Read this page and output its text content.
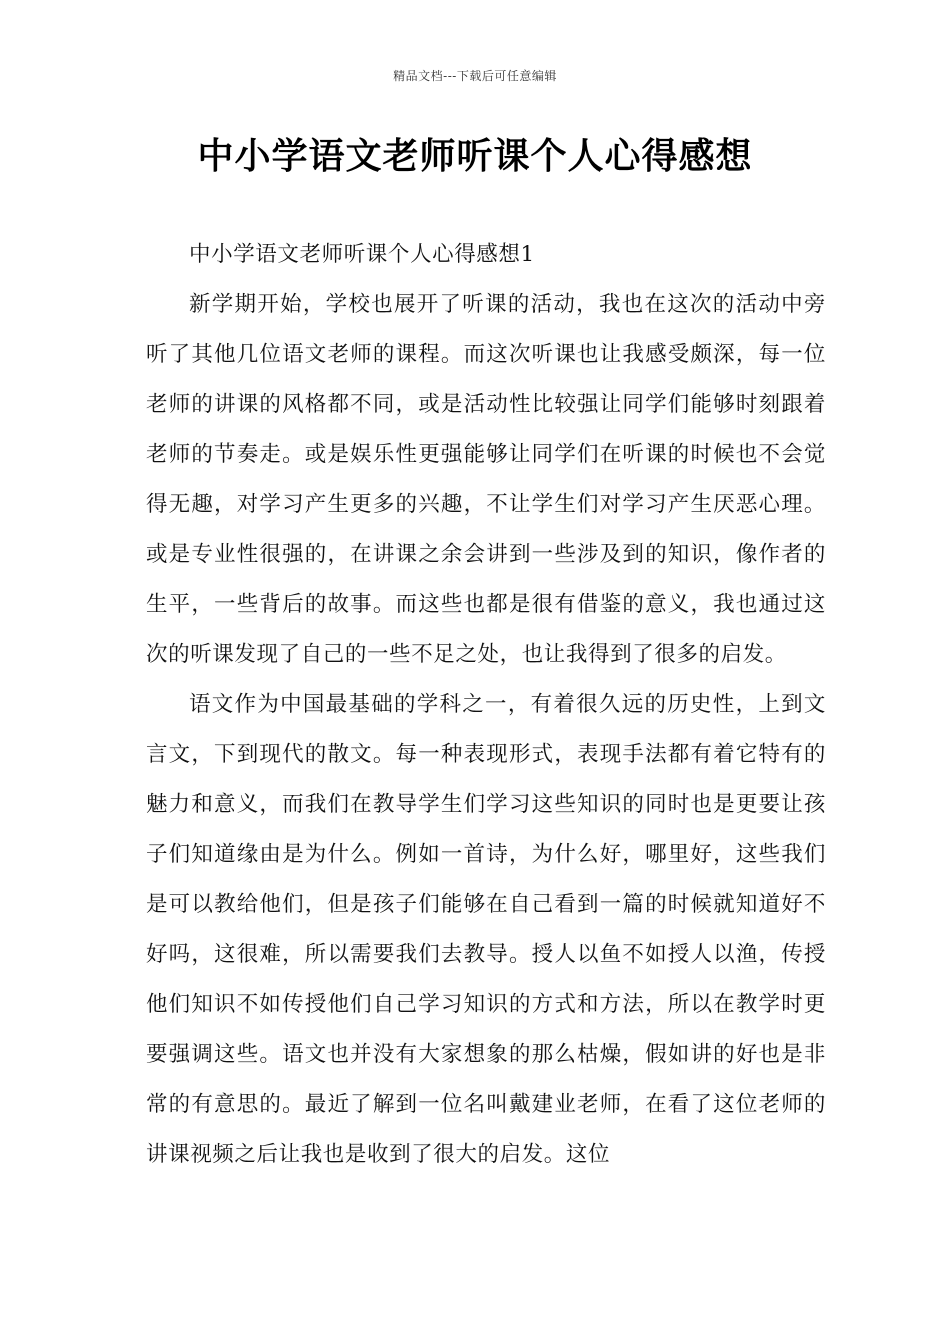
精品文档---下载后可任意编辑
中小学语文老师听课个人心得感想

中小学语文老师听课个人心得感想1

新学期开始，学校也展开了听课的活动，我也在这次的活动中旁听了其他几位语文老师的课程。而这次听课也让我感受颇深，每一位老师的讲课的风格都不同，或是活动性比较强让同学们能够时刻跟着老师的节奏走。或是娱乐性更强能够让同学们在听课的时候也不会觉得无趣，对学习产生更多的兴趣，不让学生们对学习产生厌恶心理。或是专业性很强的，在讲课之余会讲到一些涉及到的知识，像作者的生平，一些背后的故事。而这些也都是很有借鉴的意义，我也通过这次的听课发现了自己的一些不足之处，也让我得到了很多的启发。

语文作为中国最基础的学科之一，有着很久远的历史性，上到文言文，下到现代的散文。每一种表现形式，表现手法都有着它特有的魅力和意义，而我们在教导学生们学习这些知识的同时也是更要让孩子们知道缘由是为什么。例如一首诗，为什么好，哪里好，这些我们是可以教给他们，但是孩子们能够在自己看到一篇的时候就知道好不好吗，这很难，所以需要我们去教导。授人以鱼不如授人以渔，传授他们知识不如传授他们自己学习知识的方式和方法，所以在教学时更要强调这些。语文也并没有大家想象的那么枯燥，假如讲的好也是非常的有意思的。最近了解到一位名叫戴建业老师，在看了这位老师的讲课视频之后让我也是收到了很大的启发。这位
